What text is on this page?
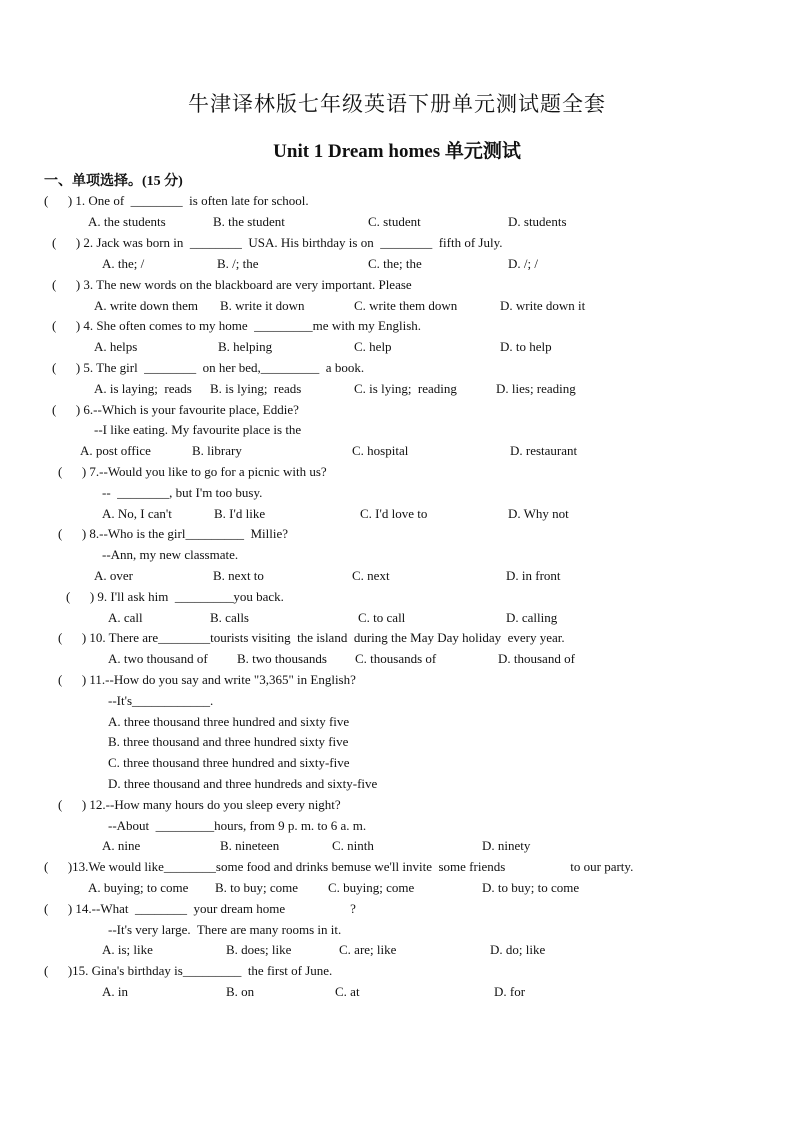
牛津译林版七年级英语下册单元测试题全套
Unit 1 Dream homes 单元测试
一、单项选择。(15 分)
(      ) 1. One of  ________  is often late for school.
A. the students	B. the student	C. student	D. students
(      ) 2. Jack was born in  ________  USA. His birthday is on  ________  fifth of July.
A. the; /	B. /; the	C. the; the	D. /; /
(      ) 3. The new words on the blackboard are very important. Please
A. write down them B. write it down	C. write them down	D. write down it
(      ) 4. She often comes to my home  _________me with my English.
A. helps	B. helping	C. help	D. to help
(      ) 5. The girl  ________  on her bed,_________  a book.
A. is laying;  reads B. is lying;  reads	C. is lying;  reading	D. lies; reading
(      ) 6.--Which is your favourite place, Eddie?
--I like eating. My favourite place is the
A. post office	B. library	C. hospital	D. restaurant
(      ) 7.--Would you like to go for a picnic with us?
--  ________, but I'm too busy.
A. No, I can't	B. I'd like	C. I'd love to	D. Why not
(      ) 8.--Who is the girl_________  Millie?
--Ann, my new classmate.
A. over	B. next to	C. next	D. in front
(      ) 9. I'll ask him  _________you back.
A. call	B. calls	C. to call	D. calling
(      ) 10. There are________tourists visiting  the island  during the May Day holiday  every year.
A. two thousand of B. two thousands C. thousands of	D. thousand of
(      ) 11.--How do you say and write "3,365" in English?
--It's____________.
A. three thousand three hundred and sixty five
B. three thousand and three hundred sixty five
C. three thousand three hundred and sixty-five
D. three thousand and three hundreds and sixty-five
(      ) 12.--How many hours do you sleep every night?
--About  _________hours, from 9 p. m. to 6 a. m.
A. nine	B. nineteen	C. ninth	D. ninety
(      )13.We would like________some food and drinks bemuse we'll invite  some friends                    to our party.
A. buying; to come B. to buy; come C. buying; come	D. to buy; to come
(      ) 14.--What  ________  your dream home                    ?
--It's very large.  There are many rooms in it.
A. is; like	B. does; like	C. are; like	D. do; like
(      )15. Gina's birthday is_________  the first of June.
A. in	B. on	C. at	D. for
